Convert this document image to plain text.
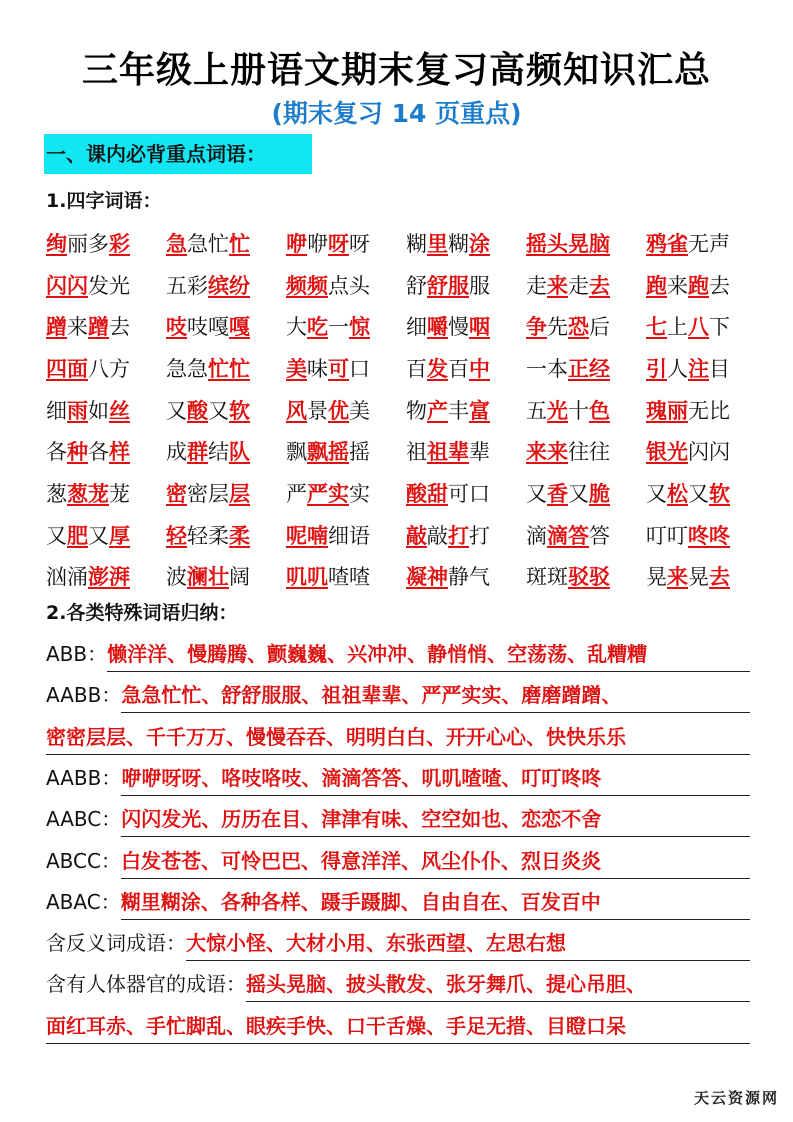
三年级上册语文期末复习高频知识汇总
(期末复习 14 页重点)
一、课内必背重点词语：
1.四字词语：
绚丽多彩	急急忙忙	咿咿呀呀	糊里糊涂	摇头晃脑	鸦雀无声
闪闪发光	五彩缤纷	频频点头	舒舒服服	走来走去	跑来跑去
蹭来蹭去	吱吱嘎嘎	大吃一惊	细嚼慢咽	争先恐后	七上八下
四面八方	急急忙忙	美味可口	百发百中	一本正经	引人注目
细雨如丝	又酸又软	风景优美	物产丰富	五光十色	瑰丽无比
各种各样	成群结队	飘飘摇摇	祖祖辈辈	来来往往	银光闪闪
葱葱茏茏	密密层层	严严实实	酸甜可口	又香又脆	又松又软
又肥又厚	轻轻柔柔	呢喃细语	敲敲打打	滴滴答答	叮叮咚咚
汹涌澎湃	波澜壮阔	叽叽喳喳	凝神静气	斑斑驳驳	晃来晃去
2.各类特殊词语归纳：
ABB：懒洋洋、慢腾腾、颤巍巍、兴冲冲、静悄悄、空荡荡、乱糟糟
AABB：急急忙忙、舒舒服服、祖祖辈辈、严严实实、磨磨蹭蹭、
密密层层、千千万万、慢慢吞吞、明明白白、开开心心、快快乐乐
AABB：咿咿呀呀、咯吱咯吱、滴滴答答、叽叽喳喳、叮叮咚咚
AABC：闪闪发光、历历在目、津津有味、空空如也、恋恋不舍
ABCC：白发苍苍、可怜巴巴、得意洋洋、风尘仆仆、烈日炎炎
ABAC：糊里糊涂、各种各样、蹑手蹑脚、自由自在、百发百中
含反义词成语：大惊小怪、大材小用、东张西望、左思右想
含有人体器官的成语：摇头晃脑、披头散发、张牙舞爪、提心吊胆、
面红耳赤、手忙脚乱、眼疾手快、口干舌燥、手足无措、目瞪口呆
天云资源网
